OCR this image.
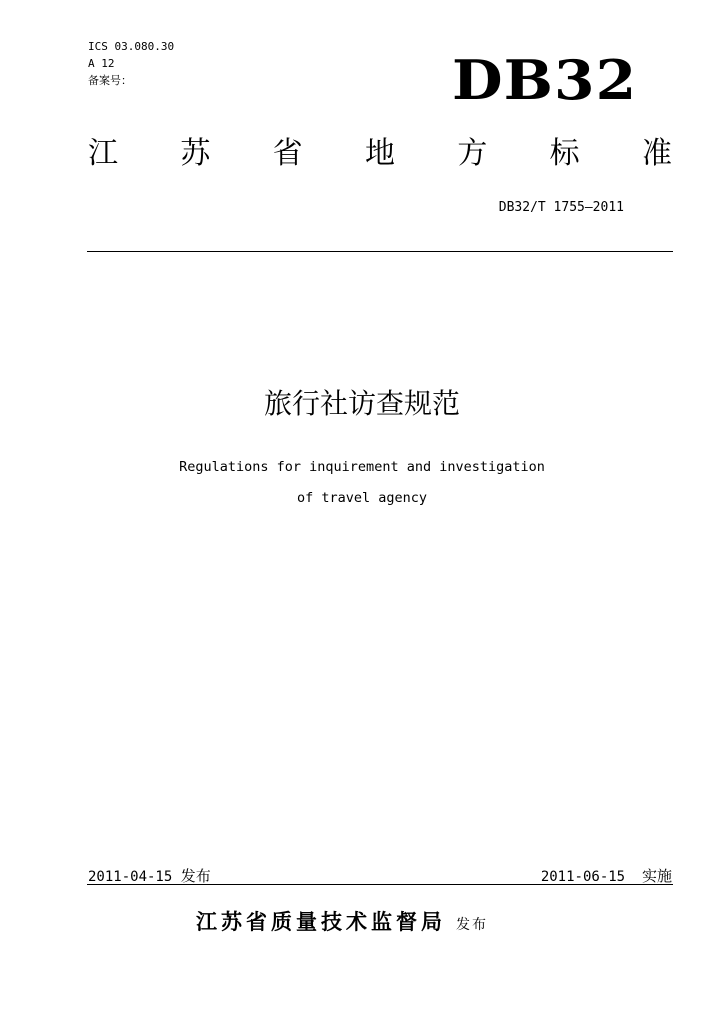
ICS 03.080.30
A 12
备案号：	DB32
江 苏 省 地 方 标 准
DB32/T 1755—2011
旅行社访查规范
Regulations for inquirement and investigation
of travel agency
2011-04-15 发布	2011-06-15 实施
江苏省质量技术监督局 发布
